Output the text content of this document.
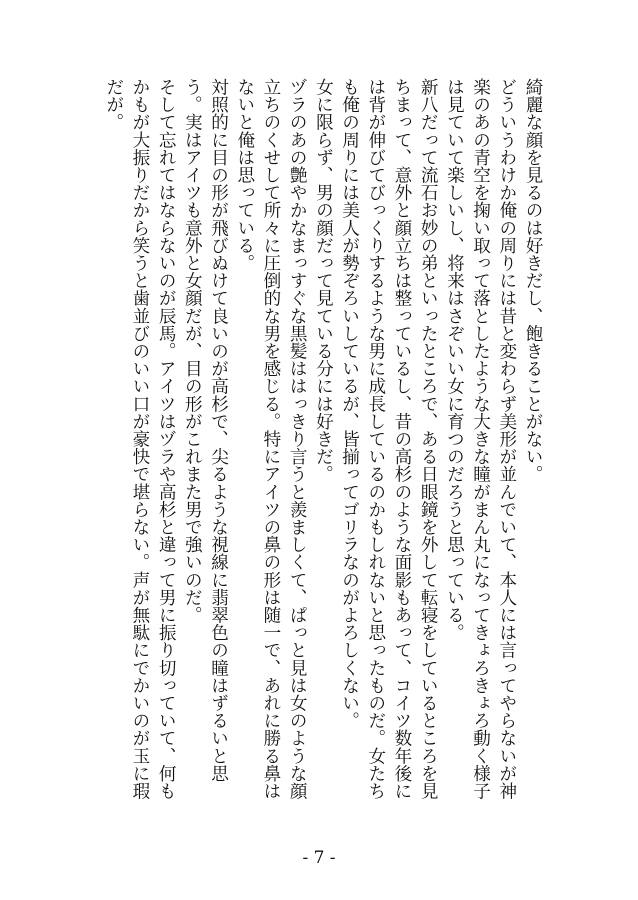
綺麗な顔を見るのは好きだし、飽きることがない。

どういうわけか俺の周りには昔と変わらず美形が並んでいて、本人には言ってやらないが神楽のあの青空を掬い取って落としたような大きな瞳がまん丸になってきょろきょろ動く様子は見ていて楽しいし、将来はさぞいい女に育つのだろうと思っている。

新八だって流石お妙の弟といったところで、ある日眼鏡を外して転寝をしているところを見ちまって、意外と顔立ちは整っているし、昔の高杉のような面影もあって、コイツ数年後には背が伸びてびっくりするような男に成長しているのかもしれないと思ったものだ。女たちも俺の周りには美人が勢ぞろいしているが、皆揃ってゴリラなのがよろしくない。

女に限らず、男の顔だって見ている分には好きだ。

ヅラのあの艶やかなまっすぐな黒髪ははっきり言うと羨ましくて、ぱっと見は女のような顔立ちのくせして所々に圧倒的な男を感じる。特にアイツの鼻の形は随一で、あれに勝る鼻はないと俺は思っている。

対照的に目の形が飛びぬけて良いのが高杉で、尖るような視線に翡翠色の瞳はずるいと思う。実はアイツも意外と女顔だが、目の形がこれまた男で強いのだ。

そして忘れてはならないのが辰馬。アイツはヅラや高杉と違って男に振り切っていて、何もかもが大振りだから笑うと歯並びのいい口が豪快で堪らない。声が無駄にでかいのが玉に瑕だが。

- 7 -
